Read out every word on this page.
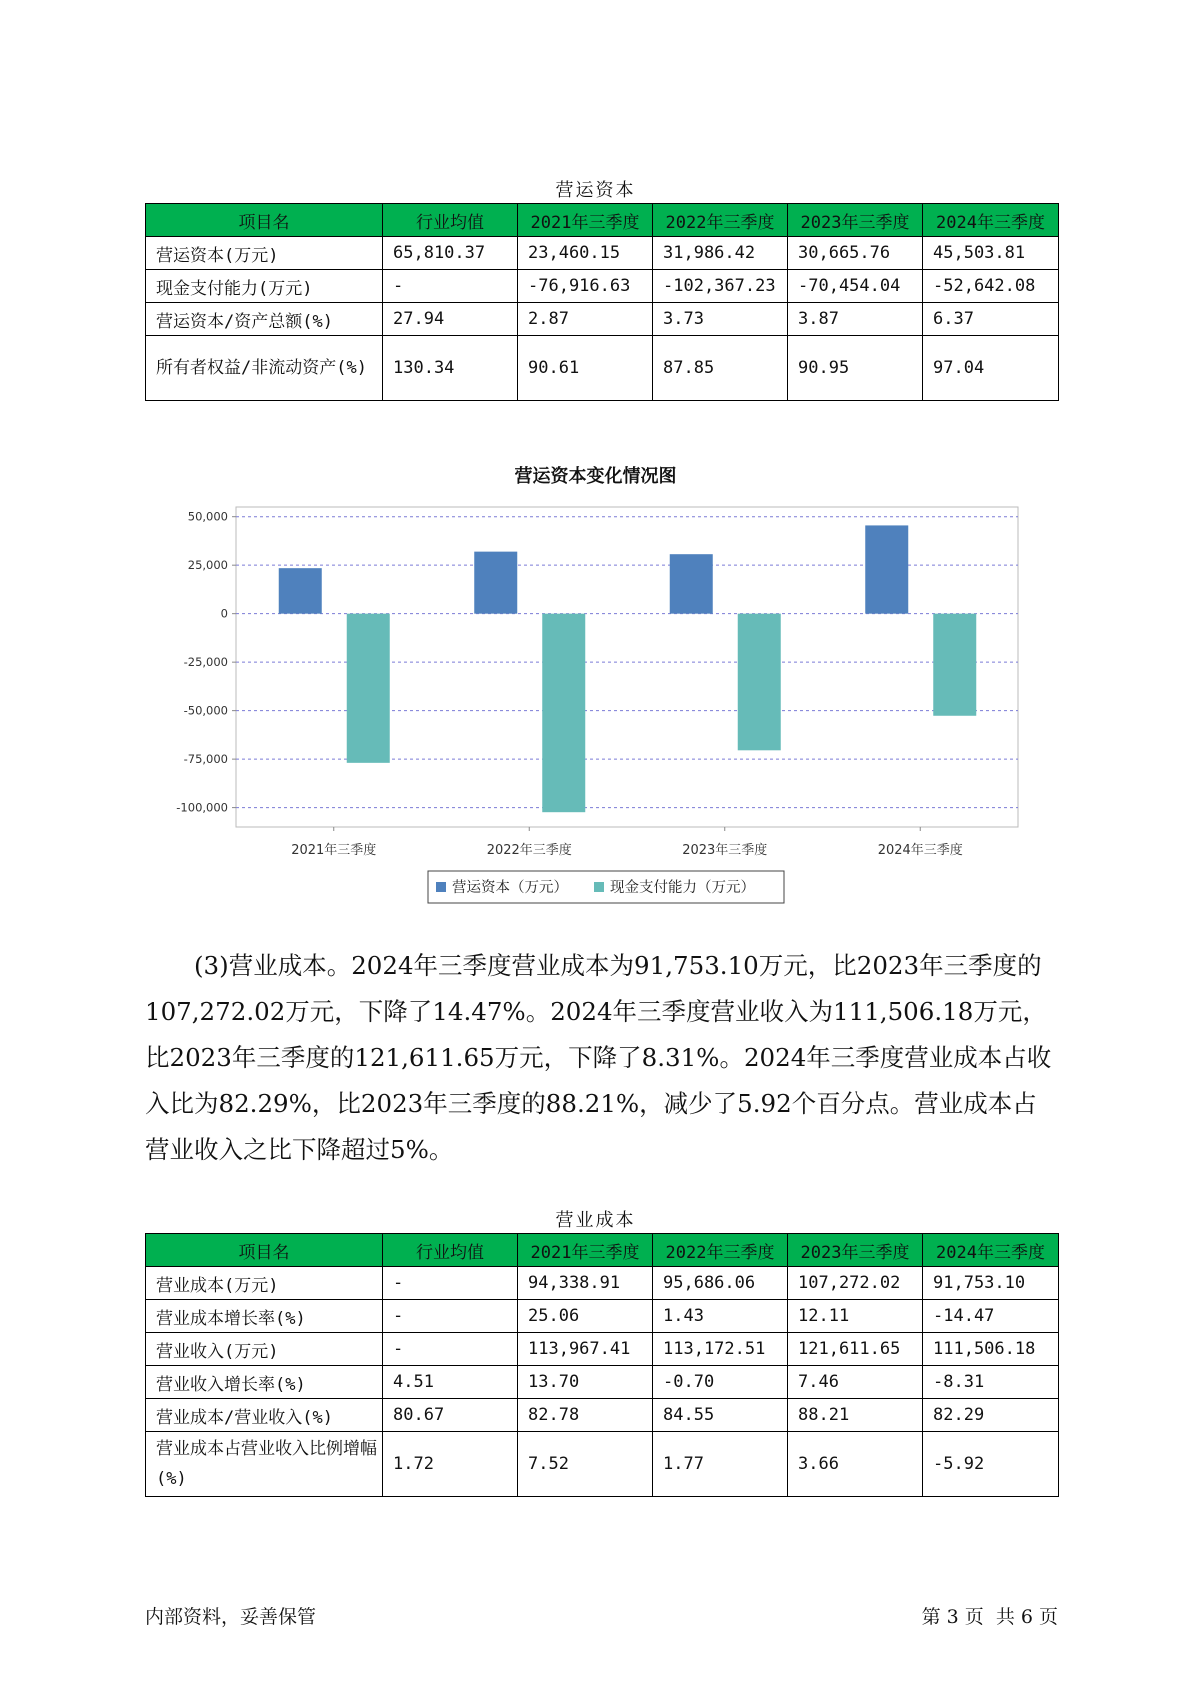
营运资本
项目名	行业均值	2021年三季度	2022年三季度	2023年三季度	2024年三季度
营运资本(万元)	65,810.37	23,460.15	31,986.42	30,665.76	45,503.81
现金支付能力(万元)	-	-76,916.63	-102,367.23	-70,454.04	-52,642.08
营运资本/资产总额(%)	27.94	2.87	3.73	3.87	6.37
所有者权益/非流动资产(%)	130.34	90.61	87.85	90.95	97.04
营运资本变化情况图
50,000
25,000
0
-25,000
-50,000
-75,000
-100,000
2021年三季度	2022年三季度	2023年三季度	2024年三季度
营运资本（万元）	现金支付能力（万元）

(3)营业成本。2024年三季度营业成本为91,753.10万元，比2023年三季度的107,272.02万元，下降了14.47%。2024年三季度营业收入为111,506.18万元，比2023年三季度的121,611.65万元，下降了8.31%。2024年三季度营业成本占收入比为82.29%，比2023年三季度的88.21%，减少了5.92个百分点。营业成本占营业收入之比下降超过5%。

营业成本
项目名	行业均值	2021年三季度	2022年三季度	2023年三季度	2024年三季度
营业成本(万元)	-	94,338.91	95,686.06	107,272.02	91,753.10
营业成本增长率(%)	-	25.06	1.43	12.11	-14.47
营业收入(万元)	-	113,967.41	113,172.51	121,611.65	111,506.18
营业收入增长率(%)	4.51	13.70	-0.70	7.46	-8.31
营业成本/营业收入(%)	80.67	82.78	84.55	88.21	82.29
营业成本占营业收入比例增幅(%)	1.72	7.52	1.77	3.66	-5.92
内部资料，妥善保管	第 3 页  共 6 页
